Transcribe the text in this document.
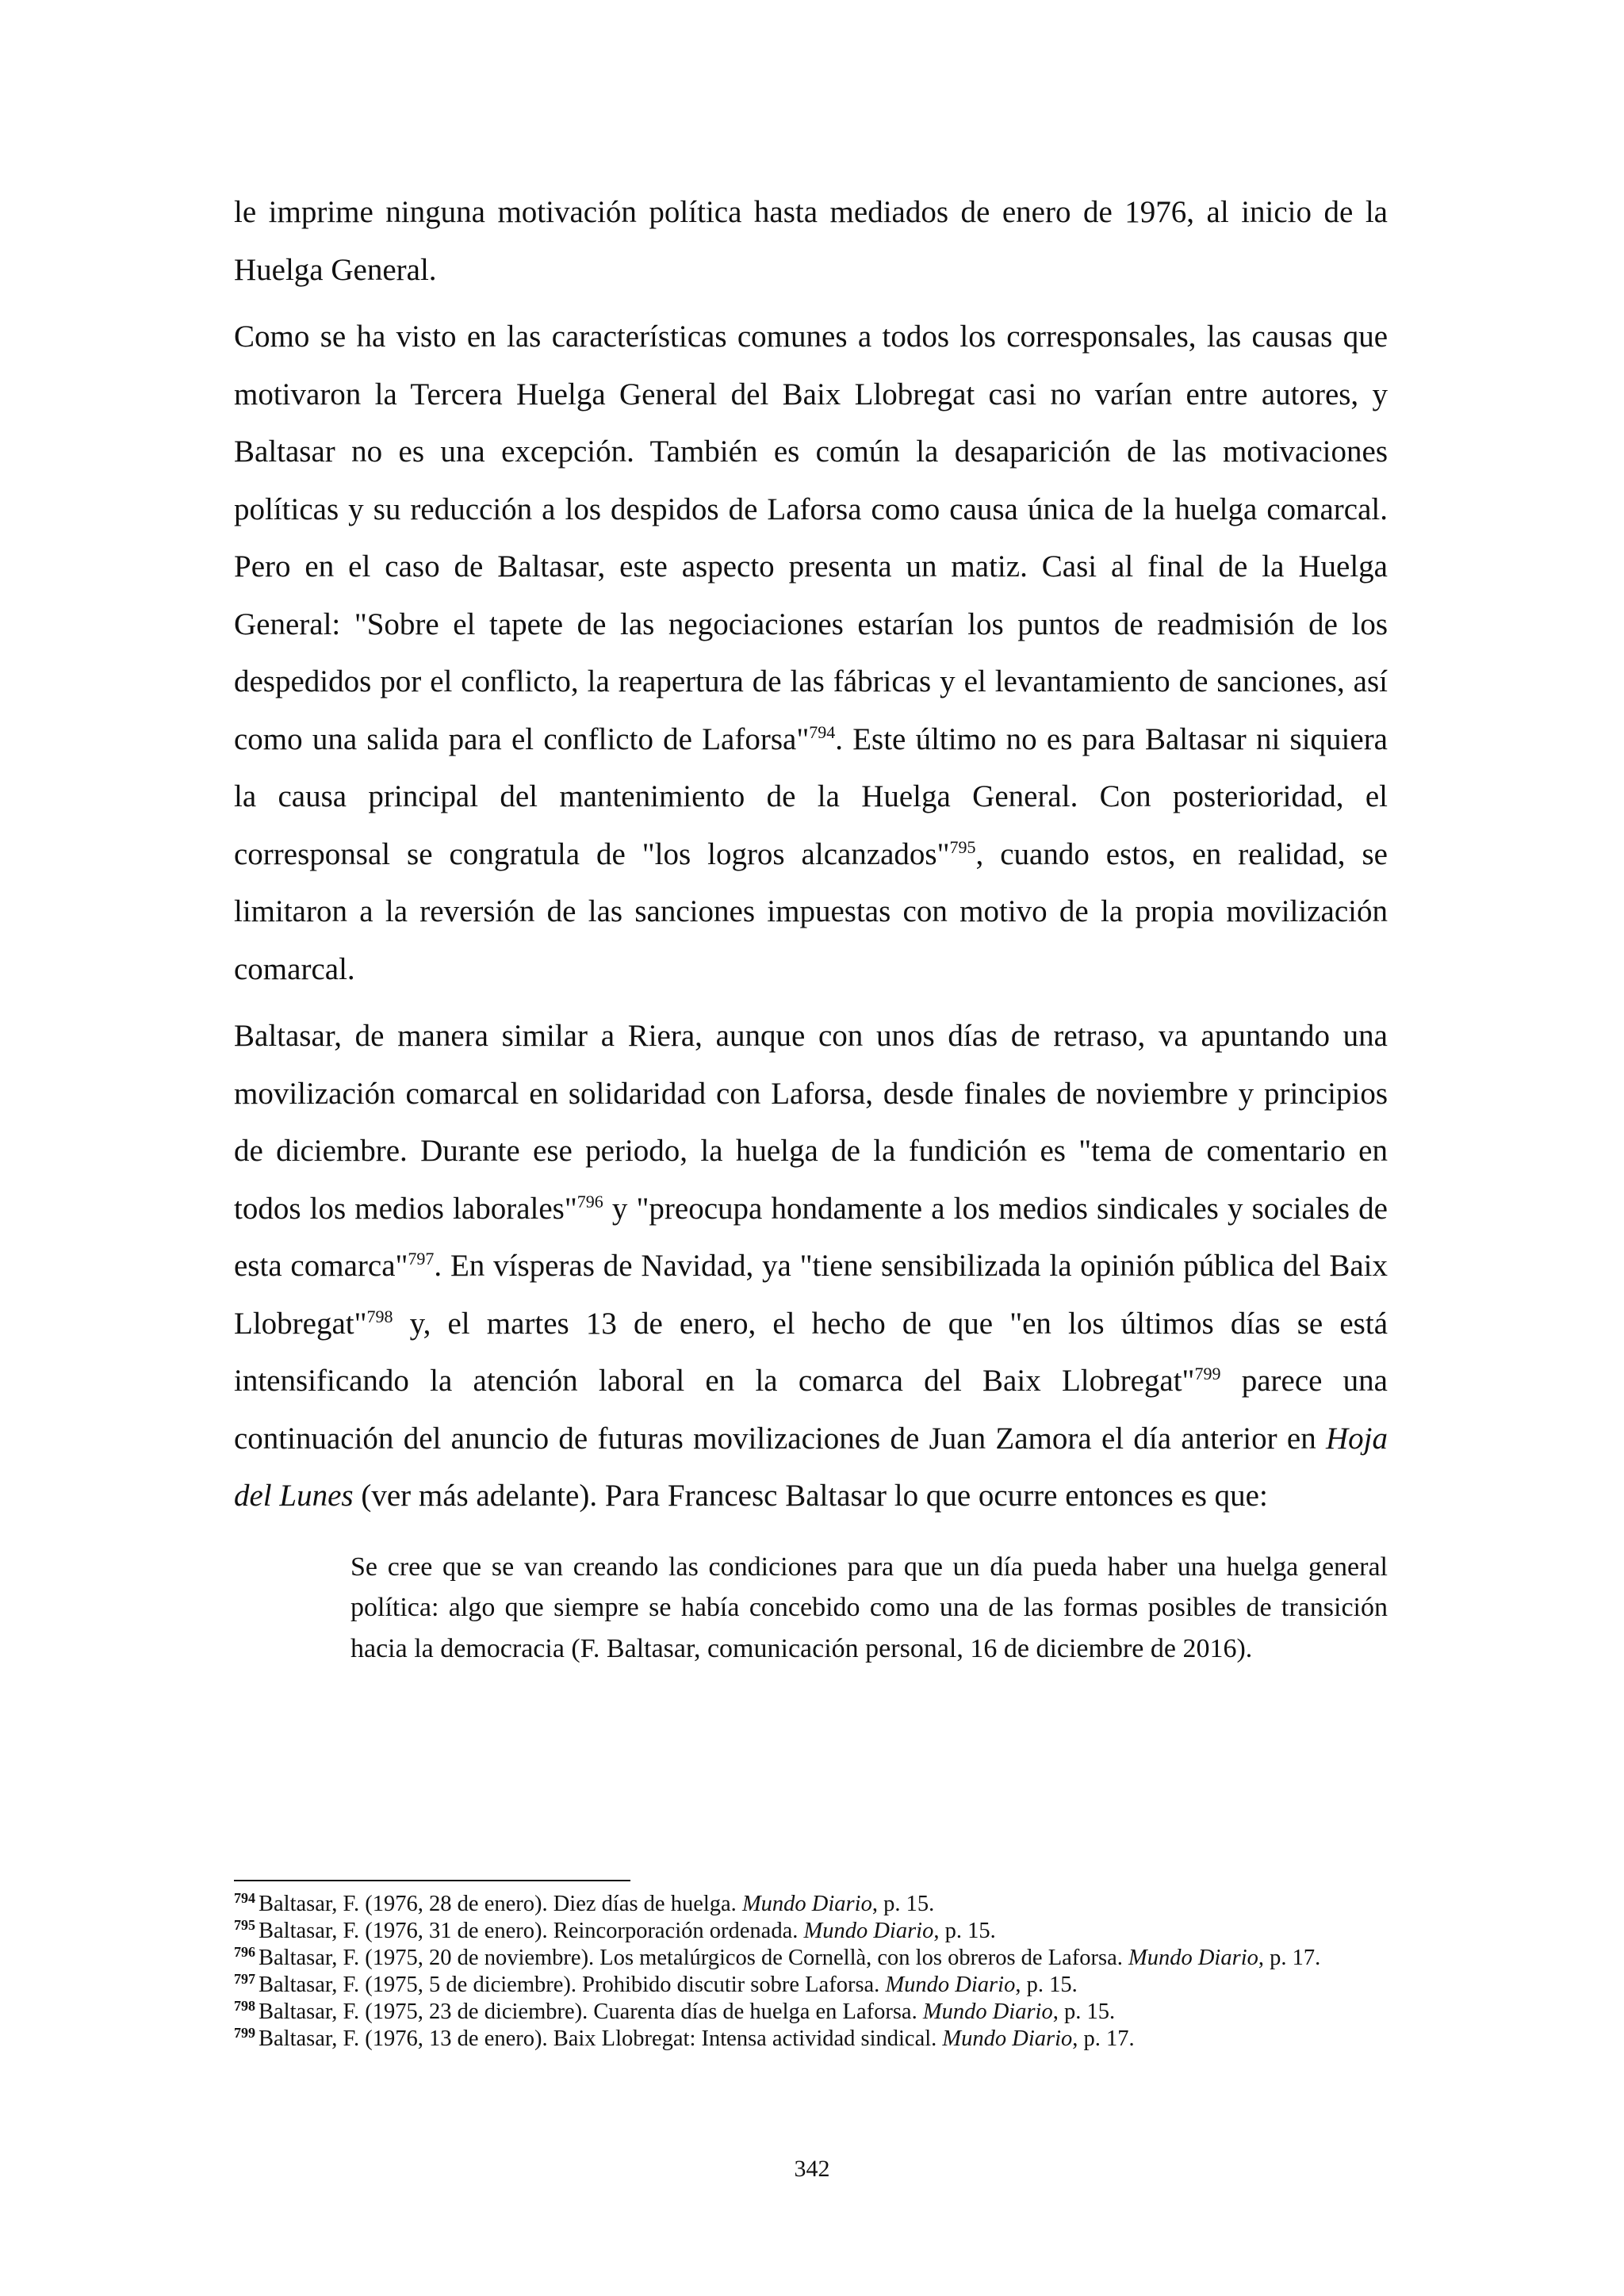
le imprime ninguna motivación política hasta mediados de enero de 1976, al inicio de la Huelga General.

Como se ha visto en las características comunes a todos los corresponsales, las causas que motivaron la Tercera Huelga General del Baix Llobregat casi no varían entre autores, y Baltasar no es una excepción. También es común la desaparición de las motivaciones políticas y su reducción a los despidos de Laforsa como causa única de la huelga comarcal. Pero en el caso de Baltasar, este aspecto presenta un matiz. Casi al final de la Huelga General: "Sobre el tapete de las negociaciones estarían los puntos de readmisión de los despedidos por el conflicto, la reapertura de las fábricas y el levantamiento de sanciones, así como una salida para el conflicto de Laforsa"$^{794}$. Este último no es para Baltasar ni siquiera la causa principal del mantenimiento de la Huelga General. Con posterioridad, el corresponsal se congratula de "los logros alcanzados"$^{795}$, cuando estos, en realidad, se limitaron a la reversión de las sanciones impuestas con motivo de la propia movilización comarcal.

Baltasar, de manera similar a Riera, aunque con unos días de retraso, va apuntando una movilización comarcal en solidaridad con Laforsa, desde finales de noviembre y principios de diciembre. Durante ese periodo, la huelga de la fundición es "tema de comentario en todos los medios laborales"$^{796}$ y "preocupa hondamente a los medios sindicales y sociales de esta comarca"$^{797}$. En vísperas de Navidad, ya "tiene sensibilizada la opinión pública del Baix Llobregat"$^{798}$ y, el martes 13 de enero, el hecho de que "en los últimos días se está intensificando la atención laboral en la comarca del Baix Llobregat"$^{799}$ parece una continuación del anuncio de futuras movilizaciones de Juan Zamora el día anterior en Hoja del Lunes (ver más adelante). Para Francesc Baltasar lo que ocurre entonces es que:

Se cree que se van creando las condiciones para que un día pueda haber una huelga general política: algo que siempre se había concebido como una de las formas posibles de transición hacia la democracia (F. Baltasar, comunicación personal, 16 de diciembre de 2016).

$^{794}$ Baltasar, F. (1976, 28 de enero). Diez días de huelga. Mundo Diario, p. 15.

$^{795}$ Baltasar, F. (1976, 31 de enero). Reincorporación ordenada. Mundo Diario, p. 15.

$^{796}$ Baltasar, F. (1975, 20 de noviembre). Los metalúrgicos de Cornellà, con los obreros de Laforsa. Mundo Diario, p. 17.

$^{797}$ Baltasar, F. (1975, 5 de diciembre). Prohibido discutir sobre Laforsa. Mundo Diario, p. 15.

$^{798}$ Baltasar, F. (1975, 23 de diciembre). Cuarenta días de huelga en Laforsa. Mundo Diario, p. 15.

$^{799}$ Baltasar, F. (1976, 13 de enero). Baix Llobregat: Intensa actividad sindical. Mundo Diario, p. 17.

342
